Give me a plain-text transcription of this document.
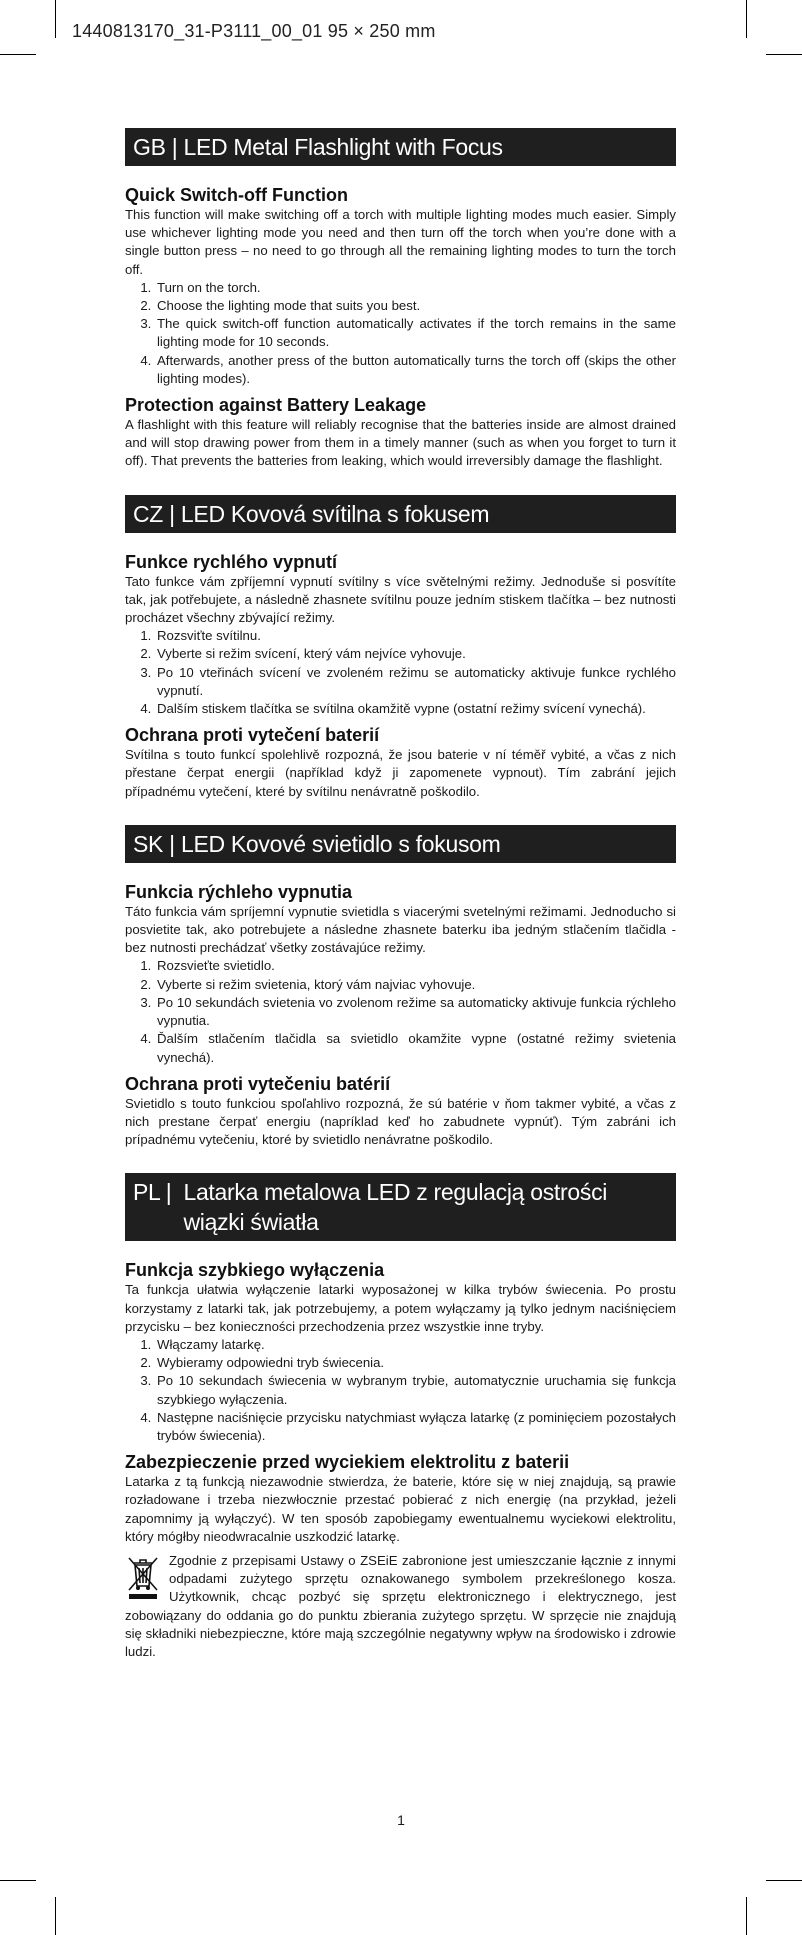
1440813170_31-P3111_00_01 95 × 250 mm
GB | LED Metal Flashlight with Focus
Quick Switch-off Function

This function will make switching off a torch with multiple lighting modes much easier. Simply use whichever lighting mode you need and then turn off the torch when you’re done with a single button press – no need to go through all the remaining lighting modes to turn the torch off.

1. Turn on the torch.
2. Choose the lighting mode that suits you best.
3. The quick switch-off function automatically activates if the torch remains in the same lighting mode for 10 seconds.
4. Afterwards, another press of the button automatically turns the torch off (skips the other lighting modes).
Protection against Battery Leakage

A flashlight with this feature will reliably recognise that the batteries inside are almost drained and will stop drawing power from them in a timely manner (such as when you forget to turn it off). That prevents the batteries from leaking, which would irreversibly damage the flashlight.

CZ | LED Kovová svítilna s fokusem
Funkce rychlého vypnutí

Tato funkce vám zpříjemní vypnutí svítilny s více světelnými režimy. Jednoduše si posvítíte tak, jak potřebujete, a následně zhasnete svítilnu pouze jedním stiskem tlačítka – bez nutnosti procházet všechny zbývající režimy.

1. Rozsviťte svítilnu.
2. Vyberte si režim svícení, který vám nejvíce vyhovuje.
3. Po 10 vteřinách svícení ve zvoleném režimu se automaticky aktivuje funkce rychlého vypnutí.
4. Dalším stiskem tlačítka se svítilna okamžitě vypne (ostatní režimy svícení vynechá).
Ochrana proti vytečení baterií

Svítilna s touto funkcí spolehlivě rozpozná, že jsou baterie v ní téměř vybité, a včas z nich přestane čerpat energii (například když ji zapomenete vypnout). Tím zabrání jejich případnému vytečení, které by svítilnu nenávratně poškodilo.

SK | LED Kovové svietidlo s fokusom
Funkcia rýchleho vypnutia

Táto funkcia vám spríjemní vypnutie svietidla s viacerými svetelnými režimami. Jednoducho si posvietite tak, ako potrebujete a následne zhasnete baterku iba jedným stlačením tlačidla - bez nutnosti prechádzať všetky zostávajúce režimy.

1. Rozsvieťte svietidlo.
2. Vyberte si režim svietenia, ktorý vám najviac vyhovuje.
3. Po 10 sekundách svietenia vo zvolenom režime sa automaticky aktivuje funkcia rýchleho vypnutia.
4. Ďalším stlačením tlačidla sa svietidlo okamžite vypne (ostatné režimy svietenia vynechá).
Ochrana proti vytečeniu batérií

Svietidlo s touto funkciou spoľahlivo rozpozná, že sú batérie v ňom takmer vybité, a včas z nich prestane čerpať energiu (napríklad keď ho zabudnete vypnúť). Tým zabráni ich prípadnému vytečeniu, ktoré by svietidlo nenávratne poškodilo.

PL | Latarka metalowa LED z regulacją ostrości wiązki światła
Funkcja szybkiego wyłączenia

Ta funkcja ułatwia wyłączenie latarki wyposażonej w kilka trybów świecenia. Po prostu korzystamy z latarki tak, jak potrzebujemy, a potem wyłączamy ją tylko jednym naciśnięciem przycisku – bez konieczności przechodzenia przez wszystkie inne tryby.

1. Włączamy latarkę.
2. Wybieramy odpowiedni tryb świecenia.
3. Po 10 sekundach świecenia w wybranym trybie, automatycznie uruchamia się funkcja szybkiego wyłączenia.
4. Następne naciśnięcie przycisku natychmiast wyłącza latarkę (z pominięciem pozostałych trybów świecenia).
Zabezpieczenie przed wyciekiem elektrolitu z baterii

Latarka z tą funkcją niezawodnie stwierdza, że baterie, które się w niej znajdują, są prawie rozładowane i trzeba niezwłocznie przestać pobierać z nich energię (na przykład, jeżeli zapomnimy ją wyłączyć). W ten sposób zapobiegamy ewentualnemu wyciekowi elektrolitu, który mógłby nieodwracalnie uszkodzić latarkę.

Zgodnie z przepisami Ustawy o ZSEiE zabronione jest umieszczanie łącznie z innymi odpadami zużytego sprzętu oznakowanego symbolem przekreślonego kosza. Użytkownik, chcąc pozbyć się sprzętu elektronicznego i elektrycznego, jest zobowiązany do oddania go do punktu zbierania zużytego sprzętu. W sprzęcie nie znajdują się składniki niebezpieczne, które mają szczególnie negatywny wpływ na środowisko i zdrowie ludzi.

1
